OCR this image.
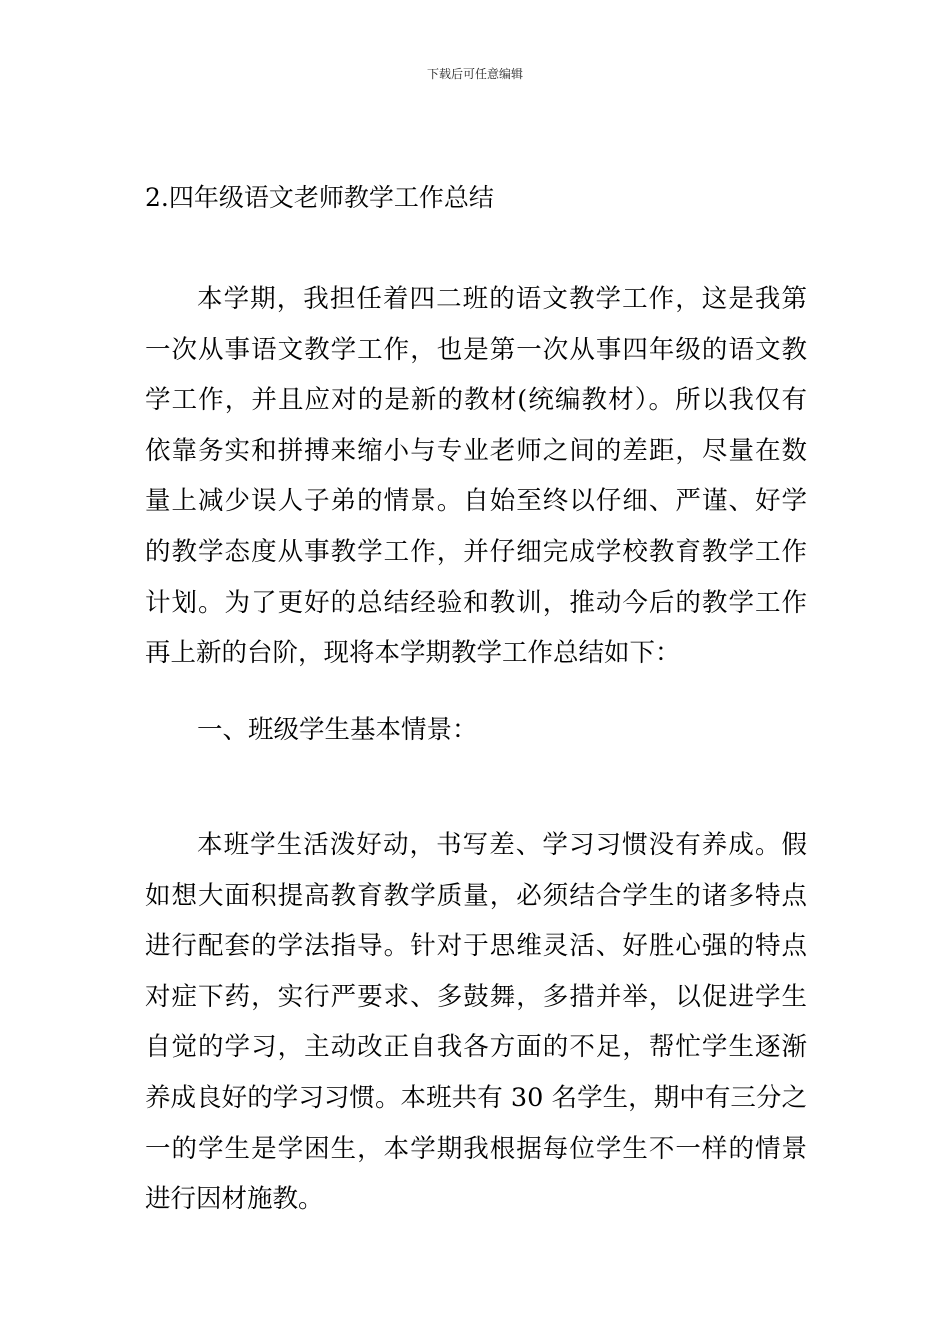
下载后可任意编辑
2.四年级语文老师教学工作总结
本学期，我担任着四二班的语文教学工作，这是我第
一次从事语文教学工作，也是第一次从事四年级的语文教
学工作，并且应对的是新的教材(统编教材）。所以我仅有
依靠务实和拼搏来缩小与专业老师之间的差距，尽量在数
量上减少误人子弟的情景。自始至终以仔细、严谨、好学
的教学态度从事教学工作，并仔细完成学校教育教学工作
计划。为了更好的总结经验和教训，推动今后的教学工作
再上新的台阶，现将本学期教学工作总结如下：
一、班级学生基本情景：
本班学生活泼好动，书写差、学习习惯没有养成。假
如想大面积提高教育教学质量，必须结合学生的诸多特点
进行配套的学法指导。针对于思维灵活、好胜心强的特点
对症下药，实行严要求、多鼓舞，多措并举，以促进学生
自觉的学习，主动改正自我各方面的不足，帮忙学生逐渐
养成良好的学习习惯。本班共有 30 名学生，期中有三分之
一的学生是学困生，本学期我根据每位学生不一样的情景
进行因材施教。
